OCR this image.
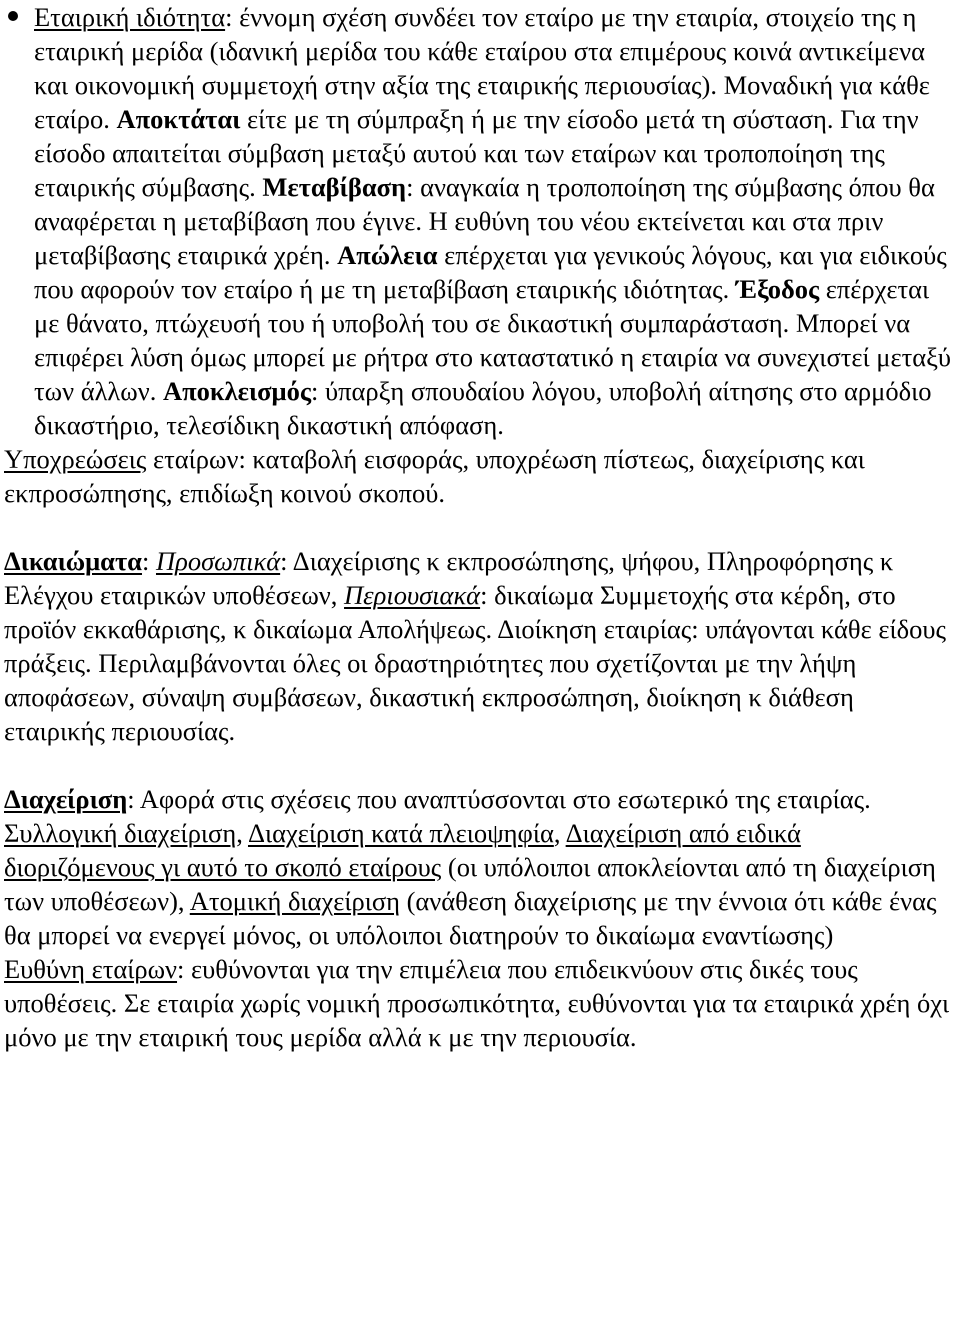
Εταιρική ιδιότητα: έννομη σχέση συνδέει τον εταίρο με την εταιρία, στοιχείο της η εταιρική μερίδα (ιδανική μερίδα του κάθε εταίρου στα επιμέρους κοινά αντικείμενα και οικονομική συμμετοχή στην αξία της εταιρικής περιουσίας). Μοναδική για κάθε εταίρο. Αποκτάται είτε με τη σύμπραξη ή με την είσοδο μετά τη σύσταση. Για την είσοδο απαιτείται σύμβαση μεταξύ αυτού και των εταίρων και τροποποίηση της εταιρικής σύμβασης. Μεταβίβαση: αναγκαία η τροποποίηση της σύμβασης όπου θα αναφέρεται η μεταβίβαση που έγινε. Η ευθύνη του νέου εκτείνεται και στα πριν μεταβίβασης εταιρικά χρέη. Απώλεια επέρχεται για γενικούς λόγους, και για ειδικούς που αφορούν τον εταίρο ή με τη μεταβίβαση εταιρικής ιδιότητας. Έξοδος επέρχεται με θάνατο, πτώχευσή του ή υποβολή του σε δικαστική συμπαράσταση. Μπορεί να επιφέρει λύση όμως μπορεί με ρήτρα στο καταστατικό η εταιρία να συνεχιστεί μεταξύ των άλλων. Αποκλεισμός: ύπαρξη σπουδαίου λόγου, υποβολή αίτησης στο αρμόδιο δικαστήριο, τελεσίδικη δικαστική απόφαση.

Υποχρεώσεις εταίρων: καταβολή εισφοράς, υποχρέωση πίστεως, διαχείρισης και εκπροσώπησης, επιδίωξη κοινού σκοπού.

Δικαιώματα: Προσωπικά: Διαχείρισης κ εκπροσώπησης, ψήφου, Πληροφόρησης κ Ελέγχου εταιρικών υποθέσεων, Περιουσιακά: δικαίωμα Συμμετοχής στα κέρδη, στο προϊόν εκκαθάρισης, κ δικαίωμα Απολήψεως. Διοίκηση εταιρίας: υπάγονται κάθε είδους πράξεις. Περιλαμβάνονται όλες οι δραστηριότητες που σχετίζονται με την λήψη αποφάσεων, σύναψη συμβάσεων, δικαστική εκπροσώπηση, διοίκηση κ διάθεση εταιρικής περιουσίας.

Διαχείριση: Αφορά στις σχέσεις που αναπτύσσονται στο εσωτερικό της εταιρίας. Συλλογική διαχείριση, Διαχείριση κατά πλειοψηφία, Διαχείριση από ειδικά διοριζόμενους γι αυτό το σκοπό εταίρους (οι υπόλοιποι αποκλείονται από τη διαχείριση των υποθέσεων), Ατομική διαχείριση (ανάθεση διαχείρισης με την έννοια ότι κάθε ένας θα μπορεί να ενεργεί μόνος, οι υπόλοιποι διατηρούν το δικαίωμα εναντίωσης)

Ευθύνη εταίρων: ευθύνονται για την επιμέλεια που επιδεικνύουν στις δικές τους υποθέσεις. Σε εταιρία χωρίς νομική προσωπικότητα, ευθύνονται για τα εταιρικά χρέη όχι μόνο με την εταιρική τους μερίδα αλλά κ με την περιουσία.
